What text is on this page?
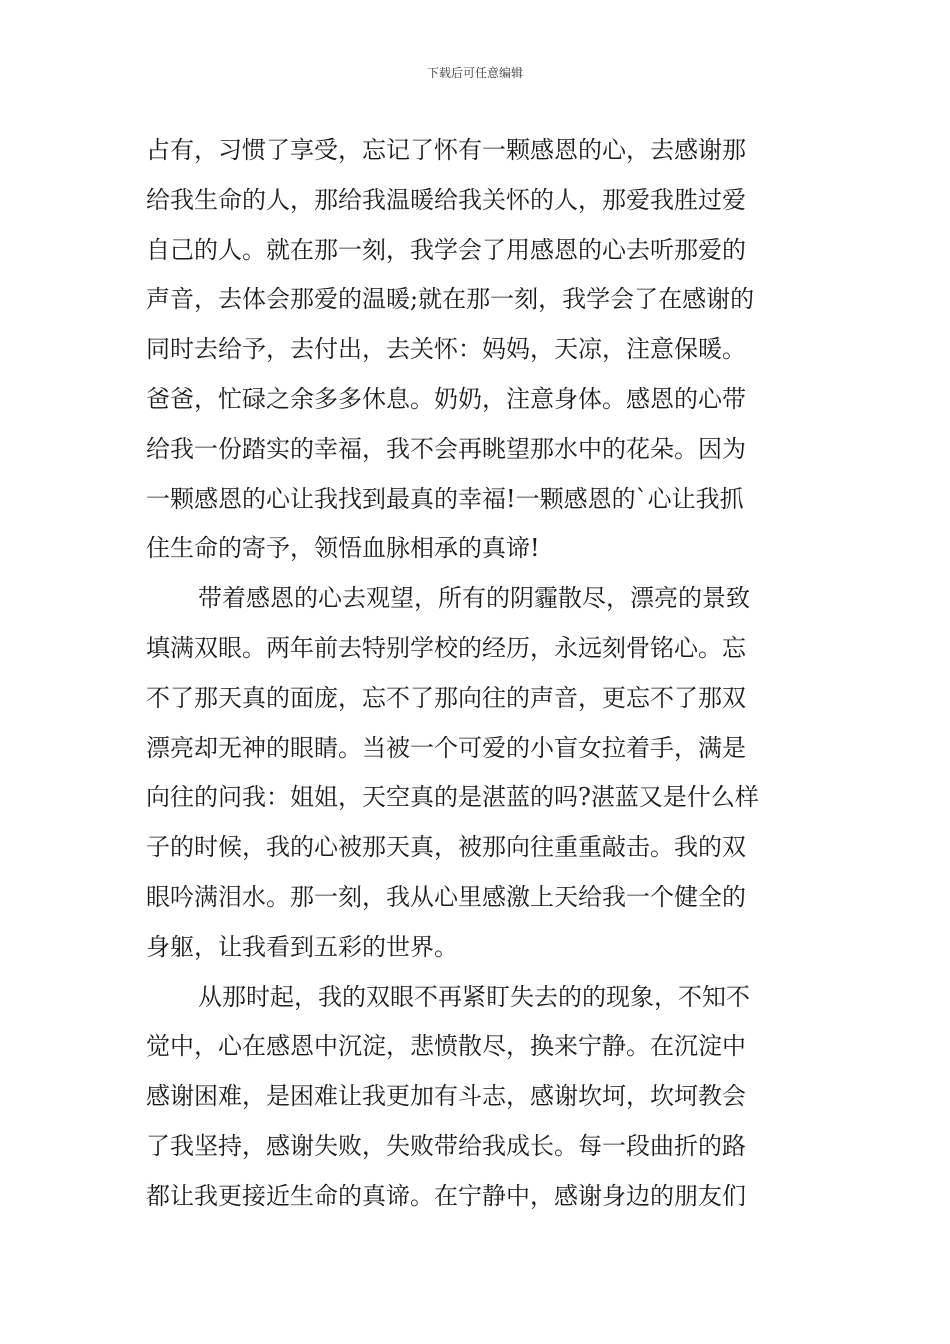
下载后可任意编辑
占有，习惯了享受，忘记了怀有一颗感恩的心，去感谢那
给我生命的人，那给我温暖给我关怀的人，那爱我胜过爱
自己的人。就在那一刻，我学会了用感恩的心去听那爱的
声音，去体会那爱的温暖;就在那一刻，我学会了在感谢的
同时去给予，去付出，去关怀：妈妈，天凉，注意保暖。
爸爸，忙碌之余多多休息。奶奶，注意身体。感恩的心带
给我一份踏实的幸福，我不会再眺望那水中的花朵。因为
一颗感恩的心让我找到最真的幸福!一颗感恩的`心让我抓
住生命的寄予，领悟血脉相承的真谛!
带着感恩的心去观望，所有的阴霾散尽，漂亮的景致
填满双眼。两年前去特别学校的经历，永远刻骨铭心。忘
不了那天真的面庞，忘不了那向往的声音，更忘不了那双
漂亮却无神的眼睛。当被一个可爱的小盲女拉着手，满是
向往的问我：姐姐，天空真的是湛蓝的吗?湛蓝又是什么样
子的时候，我的心被那天真，被那向往重重敲击。我的双
眼吟满泪水。那一刻，我从心里感激上天给我一个健全的
身躯，让我看到五彩的世界。
从那时起，我的双眼不再紧盯失去的的现象，不知不
觉中，心在感恩中沉淀，悲愤散尽，换来宁静。在沉淀中
感谢困难，是困难让我更加有斗志，感谢坎坷，坎坷教会
了我坚持，感谢失败，失败带给我成长。每一段曲折的路
都让我更接近生命的真谛。在宁静中，感谢身边的朋友们
